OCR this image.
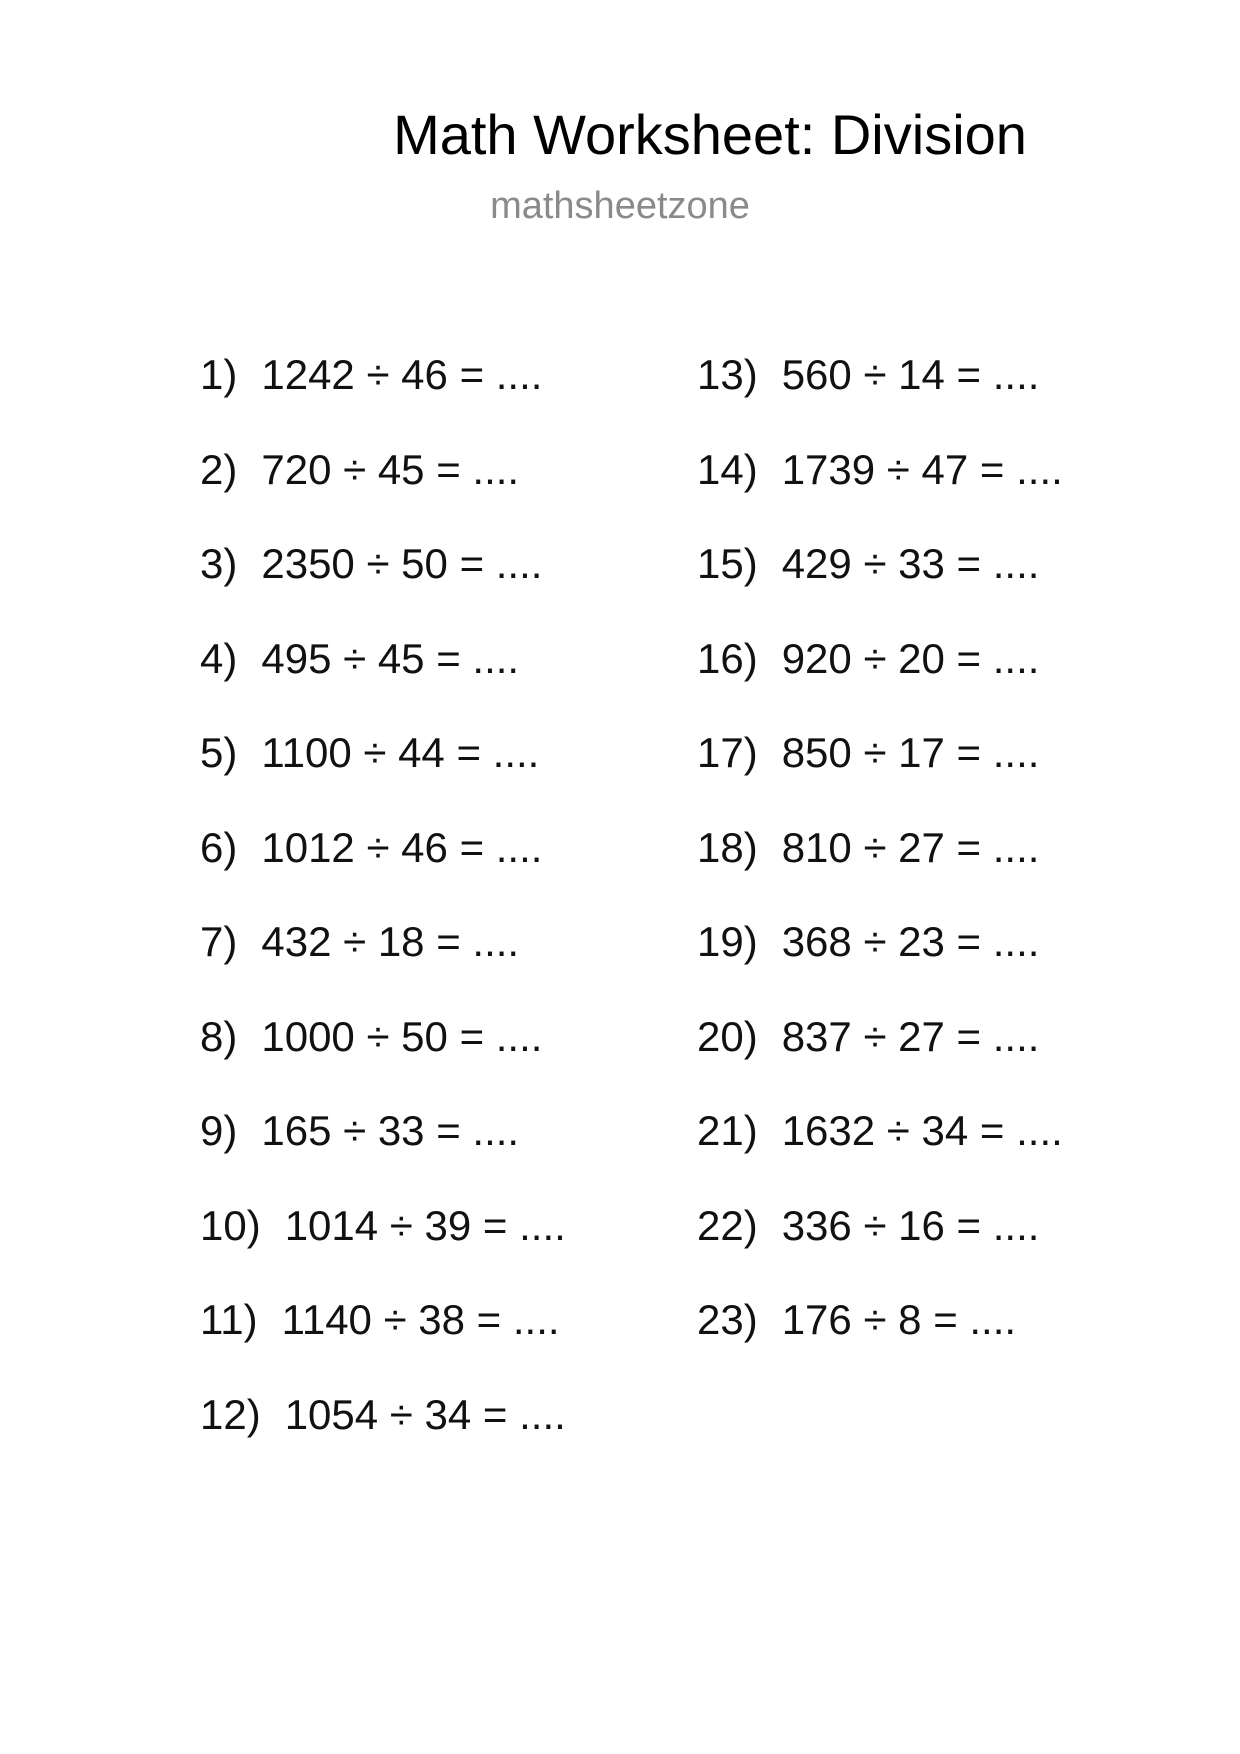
Math Worksheet: Division
mathsheetzone
1) 1242 ÷ 46 = ....
2) 720 ÷ 45 = ....
3) 2350 ÷ 50 = ....
4) 495 ÷ 45 = ....
5) 1100 ÷ 44 = ....
6) 1012 ÷ 46 = ....
7) 432 ÷ 18 = ....
8) 1000 ÷ 50 = ....
9) 165 ÷ 33 = ....
10) 1014 ÷ 39 = ....
11) 1140 ÷ 38 = ....
12) 1054 ÷ 34 = ....
13) 560 ÷ 14 = ....
14) 1739 ÷ 47 = ....
15) 429 ÷ 33 = ....
16) 920 ÷ 20 = ....
17) 850 ÷ 17 = ....
18) 810 ÷ 27 = ....
19) 368 ÷ 23 = ....
20) 837 ÷ 27 = ....
21) 1632 ÷ 34 = ....
22) 336 ÷ 16 = ....
23) 176 ÷ 8 = ....
